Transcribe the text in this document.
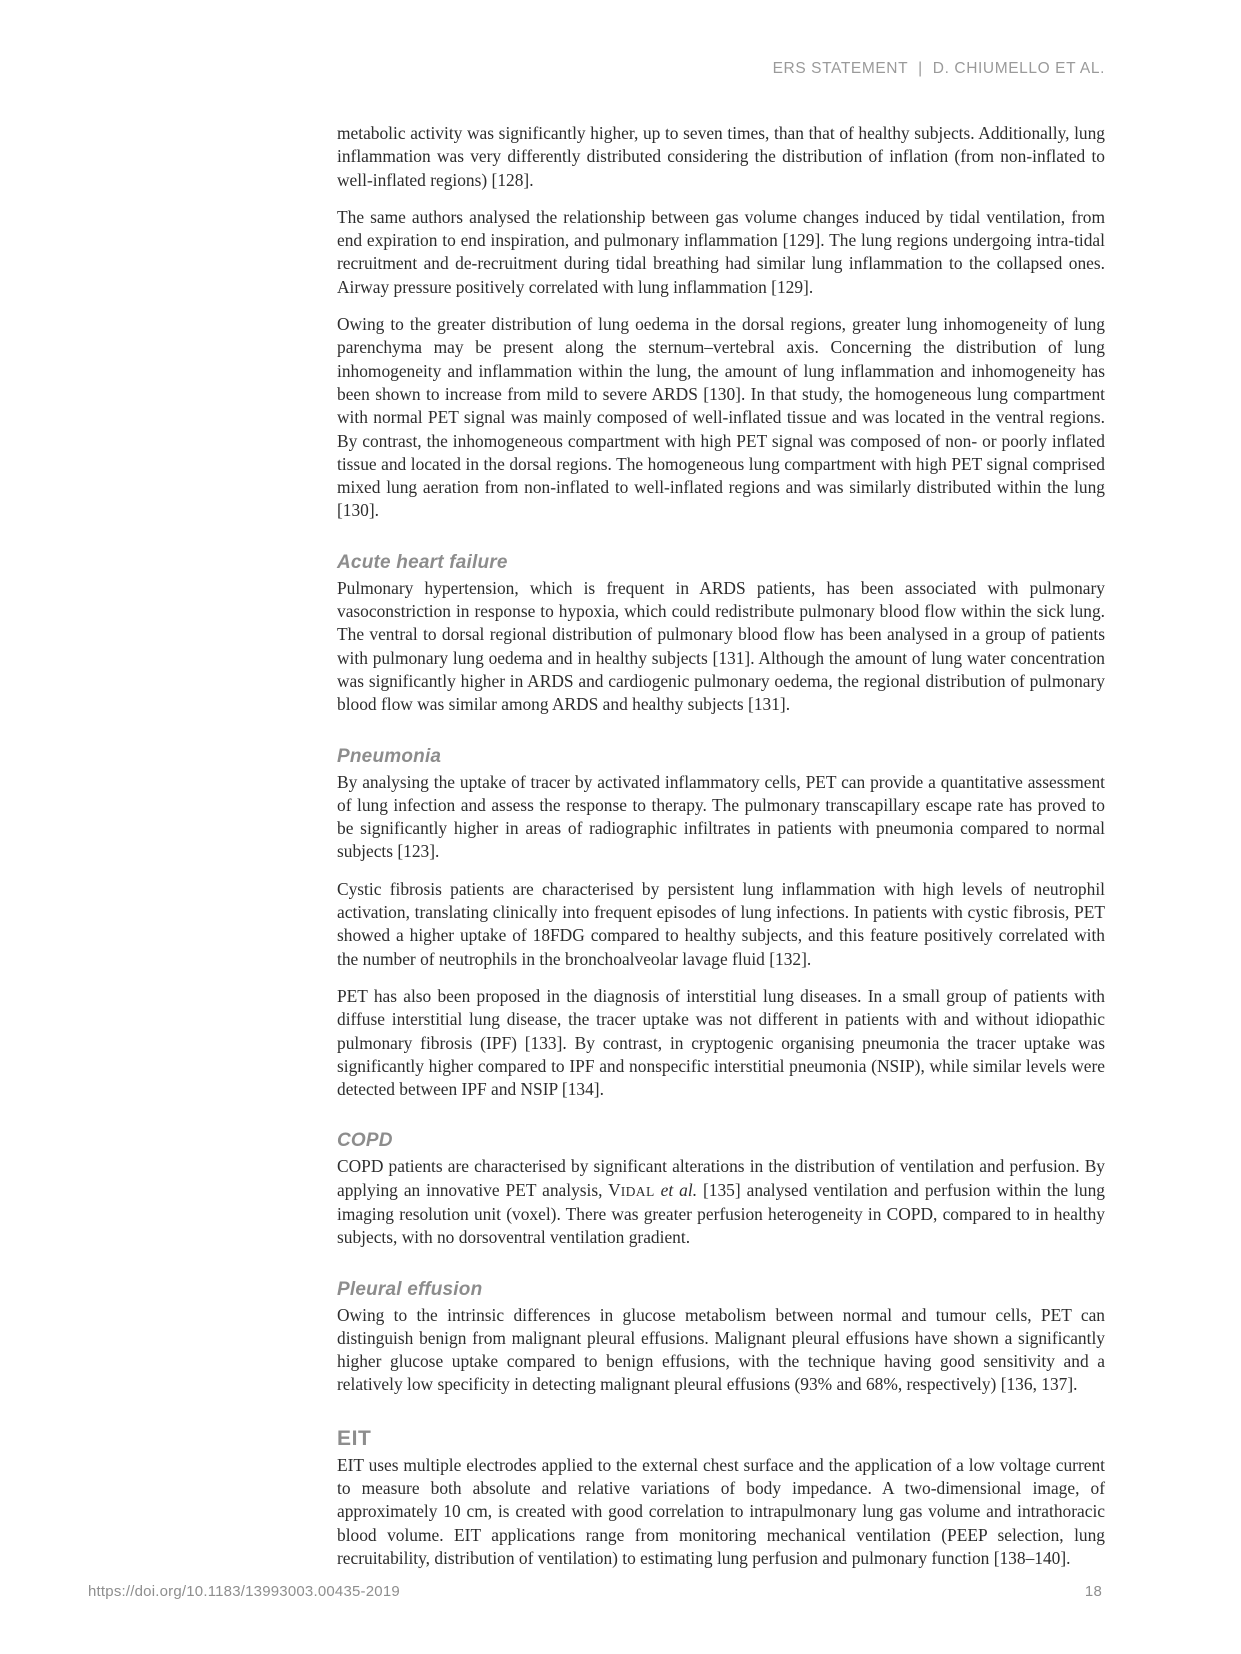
ERS STATEMENT | D. CHIUMELLO ET AL.

metabolic activity was significantly higher, up to seven times, than that of healthy subjects. Additionally, lung inflammation was very differently distributed considering the distribution of inflation (from non-inflated to well-inflated regions) [128].

The same authors analysed the relationship between gas volume changes induced by tidal ventilation, from end expiration to end inspiration, and pulmonary inflammation [129]. The lung regions undergoing intra-tidal recruitment and de-recruitment during tidal breathing had similar lung inflammation to the collapsed ones. Airway pressure positively correlated with lung inflammation [129].

Owing to the greater distribution of lung oedema in the dorsal regions, greater lung inhomogeneity of lung parenchyma may be present along the sternum–vertebral axis. Concerning the distribution of lung inhomogeneity and inflammation within the lung, the amount of lung inflammation and inhomogeneity has been shown to increase from mild to severe ARDS [130]. In that study, the homogeneous lung compartment with normal PET signal was mainly composed of well-inflated tissue and was located in the ventral regions. By contrast, the inhomogeneous compartment with high PET signal was composed of non- or poorly inflated tissue and located in the dorsal regions. The homogeneous lung compartment with high PET signal comprised mixed lung aeration from non-inflated to well-inflated regions and was similarly distributed within the lung [130].

Acute heart failure

Pulmonary hypertension, which is frequent in ARDS patients, has been associated with pulmonary vasoconstriction in response to hypoxia, which could redistribute pulmonary blood flow within the sick lung. The ventral to dorsal regional distribution of pulmonary blood flow has been analysed in a group of patients with pulmonary lung oedema and in healthy subjects [131]. Although the amount of lung water concentration was significantly higher in ARDS and cardiogenic pulmonary oedema, the regional distribution of pulmonary blood flow was similar among ARDS and healthy subjects [131].

Pneumonia

By analysing the uptake of tracer by activated inflammatory cells, PET can provide a quantitative assessment of lung infection and assess the response to therapy. The pulmonary transcapillary escape rate has proved to be significantly higher in areas of radiographic infiltrates in patients with pneumonia compared to normal subjects [123].

Cystic fibrosis patients are characterised by persistent lung inflammation with high levels of neutrophil activation, translating clinically into frequent episodes of lung infections. In patients with cystic fibrosis, PET showed a higher uptake of 18FDG compared to healthy subjects, and this feature positively correlated with the number of neutrophils in the bronchoalveolar lavage fluid [132].

PET has also been proposed in the diagnosis of interstitial lung diseases. In a small group of patients with diffuse interstitial lung disease, the tracer uptake was not different in patients with and without idiopathic pulmonary fibrosis (IPF) [133]. By contrast, in cryptogenic organising pneumonia the tracer uptake was significantly higher compared to IPF and nonspecific interstitial pneumonia (NSIP), while similar levels were detected between IPF and NSIP [134].

COPD

COPD patients are characterised by significant alterations in the distribution of ventilation and perfusion. By applying an innovative PET analysis, VIDAL et al. [135] analysed ventilation and perfusion within the lung imaging resolution unit (voxel). There was greater perfusion heterogeneity in COPD, compared to in healthy subjects, with no dorsoventral ventilation gradient.

Pleural effusion

Owing to the intrinsic differences in glucose metabolism between normal and tumour cells, PET can distinguish benign from malignant pleural effusions. Malignant pleural effusions have shown a significantly higher glucose uptake compared to benign effusions, with the technique having good sensitivity and a relatively low specificity in detecting malignant pleural effusions (93% and 68%, respectively) [136, 137].

EIT

EIT uses multiple electrodes applied to the external chest surface and the application of a low voltage current to measure both absolute and relative variations of body impedance. A two-dimensional image, of approximately 10 cm, is created with good correlation to intrapulmonary lung gas volume and intrathoracic blood volume. EIT applications range from monitoring mechanical ventilation (PEEP selection, lung recruitability, distribution of ventilation) to estimating lung perfusion and pulmonary function [138–140].

https://doi.org/10.1183/13993003.00435-2019	18
